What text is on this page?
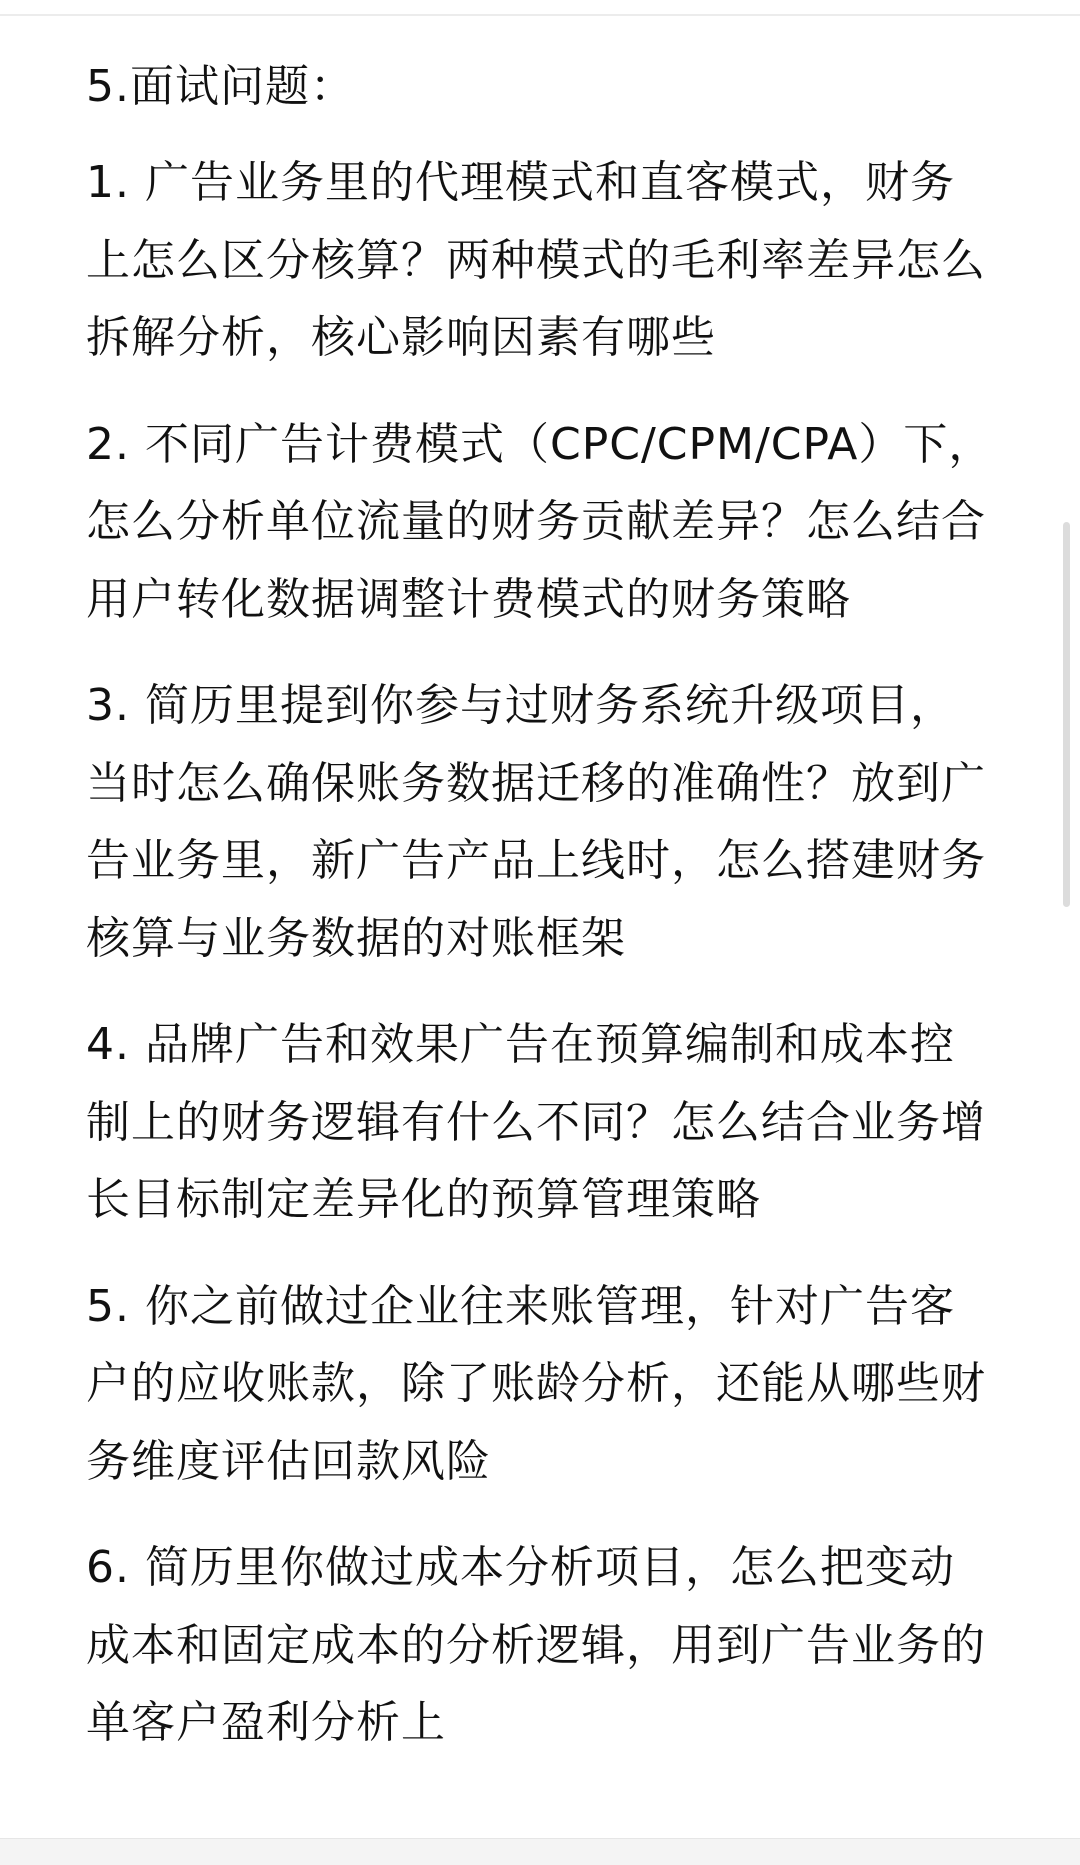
5.面试问题：
1. 广告业务里的代理模式和直客模式，财务上怎么区分核算？两种模式的毛利率差异怎么拆解分析，核心影响因素有哪些
2. 不同广告计费模式（CPC/CPM/CPA）下，怎么分析单位流量的财务贡献差异？怎么结合用户转化数据调整计费模式的财务策略
3. 简历里提到你参与过财务系统升级项目，当时怎么确保账务数据迁移的准确性？放到广告业务里，新广告产品上线时，怎么搭建财务核算与业务数据的对账框架
4. 品牌广告和效果广告在预算编制和成本控制上的财务逻辑有什么不同？怎么结合业务增长目标制定差异化的预算管理策略
5. 你之前做过企业往来账管理，针对广告客户的应收账款，除了账龄分析，还能从哪些财务维度评估回款风险
6. 简历里你做过成本分析项目，怎么把变动成本和固定成本的分析逻辑，用到广告业务的单客户盈利分析上
